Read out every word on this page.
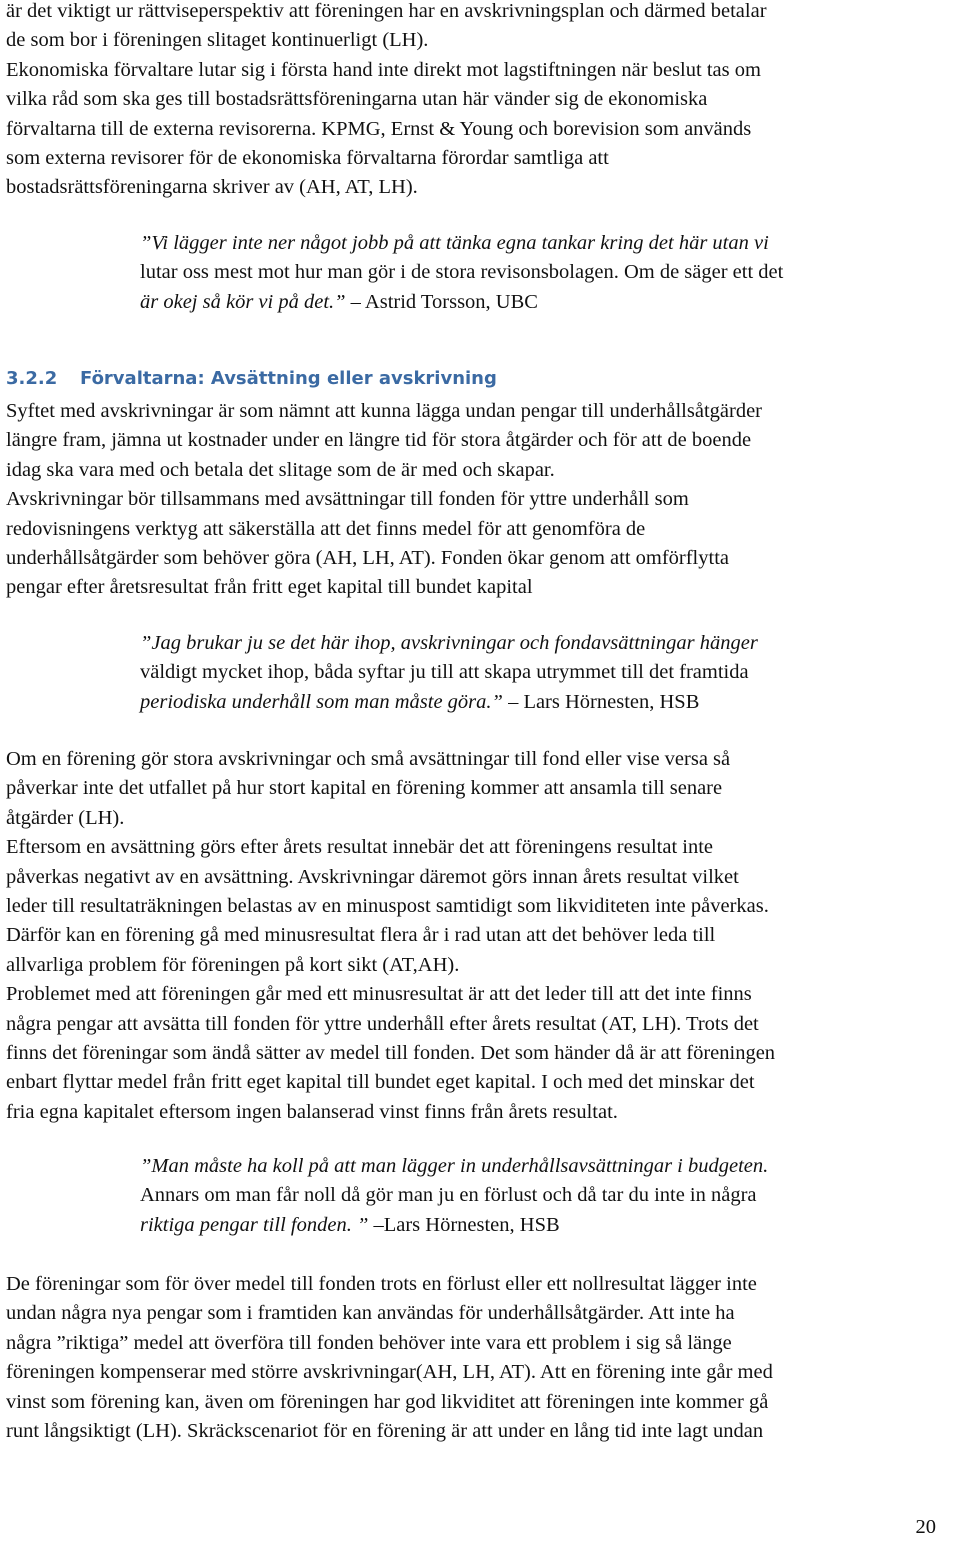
är det viktigt ur rättviseperspektiv att föreningen har en avskrivningsplan och därmed betalar
de som bor i föreningen slitaget kontinuerligt (LH).
Ekonomiska förvaltare lutar sig i första hand inte direkt mot lagstiftningen när beslut tas om
vilka råd som ska ges till bostadsrättsföreningarna utan här vänder sig de ekonomiska
förvaltarna till de externa revisorerna. KPMG, Ernst & Young och borevision som används
som externa revisorer för de ekonomiska förvaltarna förordar samtliga att
bostadsrättsföreningarna skriver av (AH, AT, LH).
”Vi lägger inte ner något jobb på att tänka egna tankar kring det här utan vi
lutar oss mest mot hur man gör i de stora revisonsbolagen. Om de säger ett det
är okej så kör vi på det.” – Astrid Torsson, UBC
3.2.2 Förvaltarna: Avsättning eller avskrivning
Syftet med avskrivningar är som nämnt att kunna lägga undan pengar till underhållsåtgärder
längre fram, jämna ut kostnader under en längre tid för stora åtgärder och för att de boende
idag ska vara med och betala det slitage som de är med och skapar.
Avskrivningar bör tillsammans med avsättningar till fonden för yttre underhåll som
redovisningens verktyg att säkerställa att det finns medel för att genomföra de
underhållsåtgärder som behöver göra (AH, LH, AT). Fonden ökar genom att omförflytta
pengar efter åretsresultat från fritt eget kapital till bundet kapital
”Jag brukar ju se det här ihop, avskrivningar och fondavsättningar hänger
väldigt mycket ihop, båda syftar ju till att skapa utrymmet till det framtida
periodiska underhåll som man måste göra.” – Lars Hörnesten, HSB
Om en förening gör stora avskrivningar och små avsättningar till fond eller vise versa så
påverkar inte det utfallet på hur stort kapital en förening kommer att ansamla till senare
åtgärder (LH).
Eftersom en avsättning görs efter årets resultat innebär det att föreningens resultat inte
påverkas negativt av en avsättning. Avskrivningar däremot görs innan årets resultat vilket
leder till resultaträkningen belastas av en minuspost samtidigt som likviditeten inte påverkas.
Därför kan en förening gå med minusresultat flera år i rad utan att det behöver leda till
allvarliga problem för föreningen på kort sikt (AT,AH).
Problemet med att föreningen går med ett minusresultat är att det leder till att det inte finns
några pengar att avsätta till fonden för yttre underhåll efter årets resultat (AT, LH). Trots det
finns det föreningar som ändå sätter av medel till fonden. Det som händer då är att föreningen
enbart flyttar medel från fritt eget kapital till bundet eget kapital. I och med det minskar det
fria egna kapitalet eftersom ingen balanserad vinst finns från årets resultat.
”Man måste ha koll på att man lägger in underhållsavsättningar i budgeten.
Annars om man får noll då gör man ju en förlust och då tar du inte in några
riktiga pengar till fonden. ” –Lars Hörnesten, HSB
De föreningar som för över medel till fonden trots en förlust eller ett nollresultat lägger inte
undan några nya pengar som i framtiden kan användas för underhållsåtgärder. Att inte ha
några ”riktiga” medel att överföra till fonden behöver inte vara ett problem i sig så länge
föreningen kompenserar med större avskrivningar(AH, LH, AT). Att en förening inte går med
vinst som förening kan, även om föreningen har god likviditet att föreningen inte kommer gå
runt långsiktigt (LH). Skräckscenariot för en förening är att under en lång tid inte lagt undan
20
